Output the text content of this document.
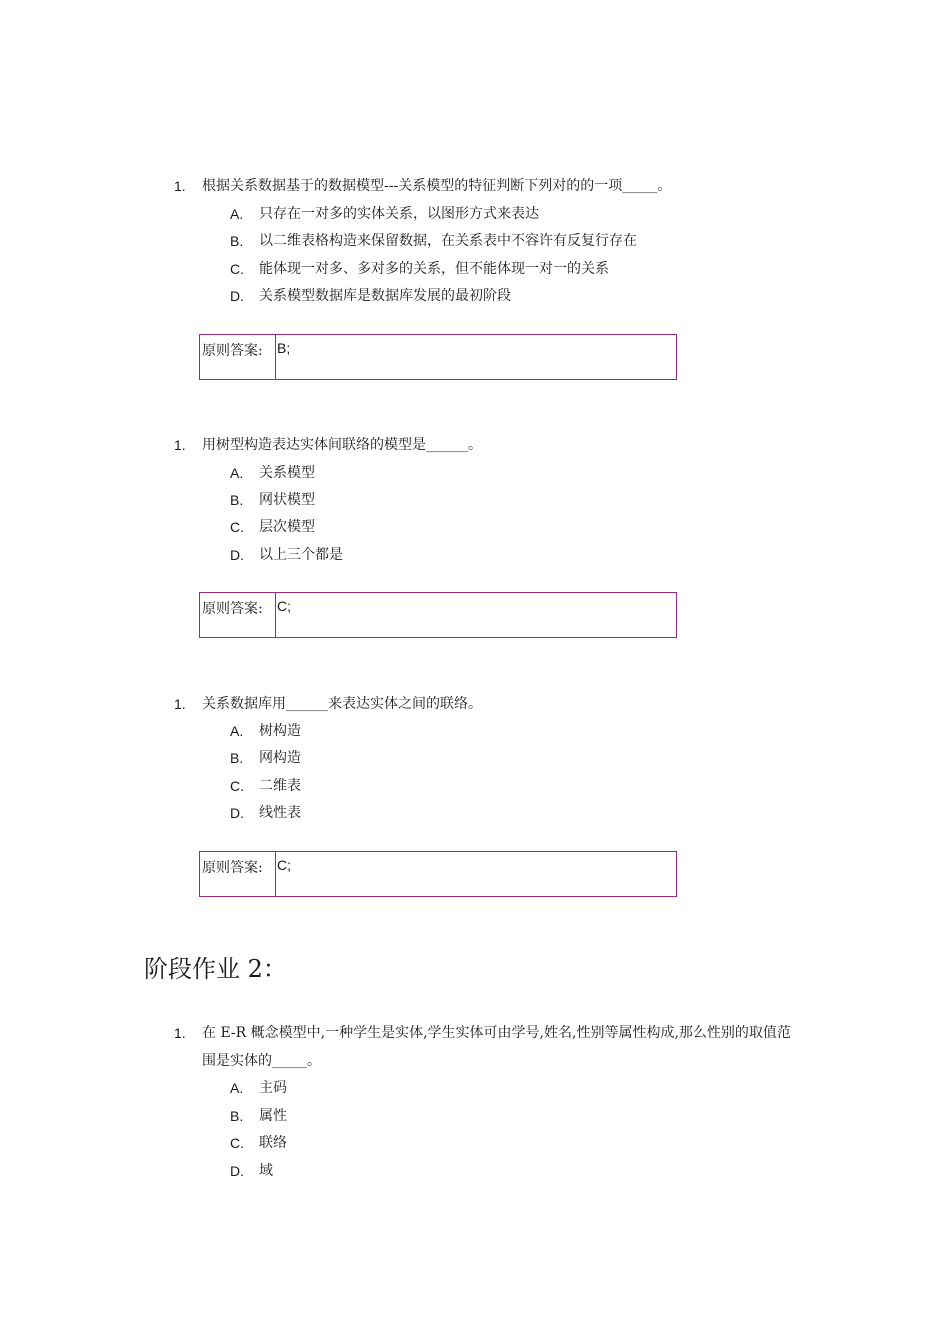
1. 根据关系数据基于的数据模型---关系模型的特征判断下列对的的一项_____。
A. 只存在一对多的实体关系，以图形方式来表达
B. 以二维表格构造来保留数据，在关系表中不容许有反复行存在
C. 能体现一对多、多对多的关系，但不能体现一对一的关系
D. 关系模型数据库是数据库发展的最初阶段
原则答案:	B;
1. 用树型构造表达实体间联络的模型是______。
A. 关系模型
B. 网状模型
C. 层次模型
D. 以上三个都是
原则答案:	C;
1. 关系数据库用______来表达实体之间的联络。
A. 树构造
B. 网构造
C. 二维表
D. 线性表
原则答案:	C;
阶段作业 2：
1. 在 E-R 概念模型中,一种学生是实体,学生实体可由学号,姓名,性别等属性构成,那么性别的取值范
围是实体的_____。
A. 主码
B. 属性
C. 联络
D. 域
